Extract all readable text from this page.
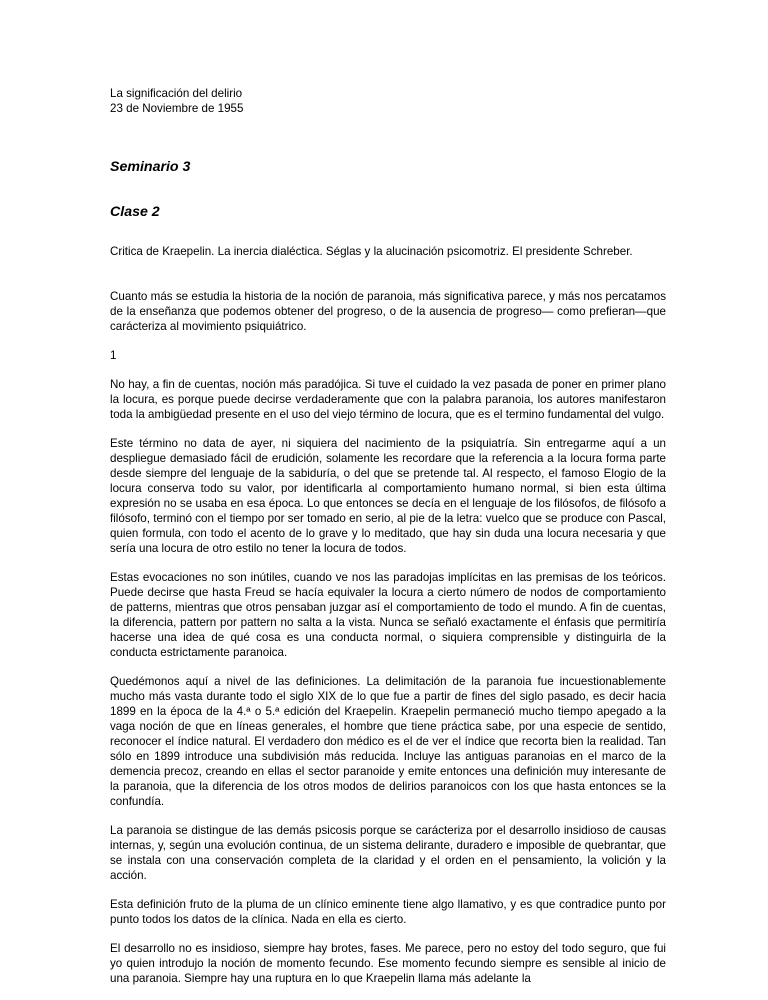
La significación del delirio
23 de Noviembre de 1955
Seminario 3
Clase 2

Critica de Kraepelin. La inercia dialéctica. Séglas y la alucinación psicomotriz. El presidente Schreber.

Cuanto más se estudia la historia de la noción de paranoia, más significativa parece, y más nos percatamos de la enseñanza que podemos obtener del progreso, o de la ausencia de progreso— como prefieran—que carácteriza al movimiento psiquiátrico.

1

No hay, a fin de cuentas, noción más paradójica. Si tuve el cuidado la vez pasada de poner en primer plano la locura, es porque puede decirse verdaderamente que con la palabra paranoia, los autores manifestaron toda la ambigüedad presente en el uso del viejo término de locura, que es el termino fundamental del vulgo.

Este término no data de ayer, ni siquiera del nacimiento de la psiquiatría. Sin entregarme aquí a un despliegue demasiado fácil de erudición, solamente les recordare que la referencia a la locura forma parte desde siempre del lenguaje de la sabiduría, o del que se pretende tal. Al respecto, el famoso Elogio de la locura conserva todo su valor, por identificarla al comportamiento humano normal, si bien esta última expresión no se usaba en esa época. Lo que entonces se decía en el lenguaje de los filósofos, de filósofo a filósofo, terminó con el tiempo por ser tomado en serio, al pie de la letra: vuelco que se produce con Pascal, quien formula, con todo el acento de lo grave y lo meditado, que hay sin duda una locura necesaria y que sería una locura de otro estilo no tener la locura de todos.

Estas evocaciones no son inútiles, cuando ve nos las paradojas implícitas en las premisas de los teóricos. Puede decirse que hasta Freud se hacía equivaler la locura a cierto número de nodos de comportamiento de patterns, mientras que otros pensaban juzgar así el comportamiento de todo el mundo. A fin de cuentas, la diferencia, pattern por pattern no salta a la vista. Nunca se señaló exactamente el énfasis que permitiría hacerse una idea de qué cosa es una conducta normal, o siquiera comprensible y distinguirla de la conducta estrictamente paranoica.

Quedémonos aquí a nivel de las definiciones. La delimitación de la paranoia fue incuestionablemente mucho más vasta durante todo el siglo XIX de lo que fue a partir de fines del siglo pasado, es decir hacia 1899 en la época de la 4.ª o 5.ª edición del Kraepelin. Kraepelin permaneció mucho tiempo apegado a la vaga noción de que en líneas generales, el hombre que tiene práctica sabe, por una especie de sentido, reconocer el índice natural. El verdadero don médico es el de ver el índice que recorta bien la realidad. Tan sólo en 1899 introduce una subdivisión más reducida. Incluye las antiguas paranoias en el marco de la demencia precoz, creando en ellas el sector paranoide y emite entonces una definición muy interesante de la paranoia, que la diferencia de los otros modos de delirios paranoicos con los que hasta entonces se la confundía.

La paranoia se distingue de las demás psicosis porque se carácteriza por el desarrollo insidioso de causas internas, y, según una evolución continua, de un sistema delirante, duradero e imposible de quebrantar, que se instala con una conservación completa de la claridad y el orden en el pensamiento, la volición y la acción.

Esta definición fruto de la pluma de un clínico eminente tiene algo llamativo, y es que contradice punto por punto todos los datos de la clínica. Nada en ella es cierto.

El desarrollo no es insidioso, siempre hay brotes, fases. Me parece, pero no estoy del todo seguro, que fui yo quien introdujo la noción de momento fecundo. Ese momento fecundo siempre es sensible al inicio de una paranoia. Siempre hay una ruptura en lo que Kraepelin llama más adelante la
